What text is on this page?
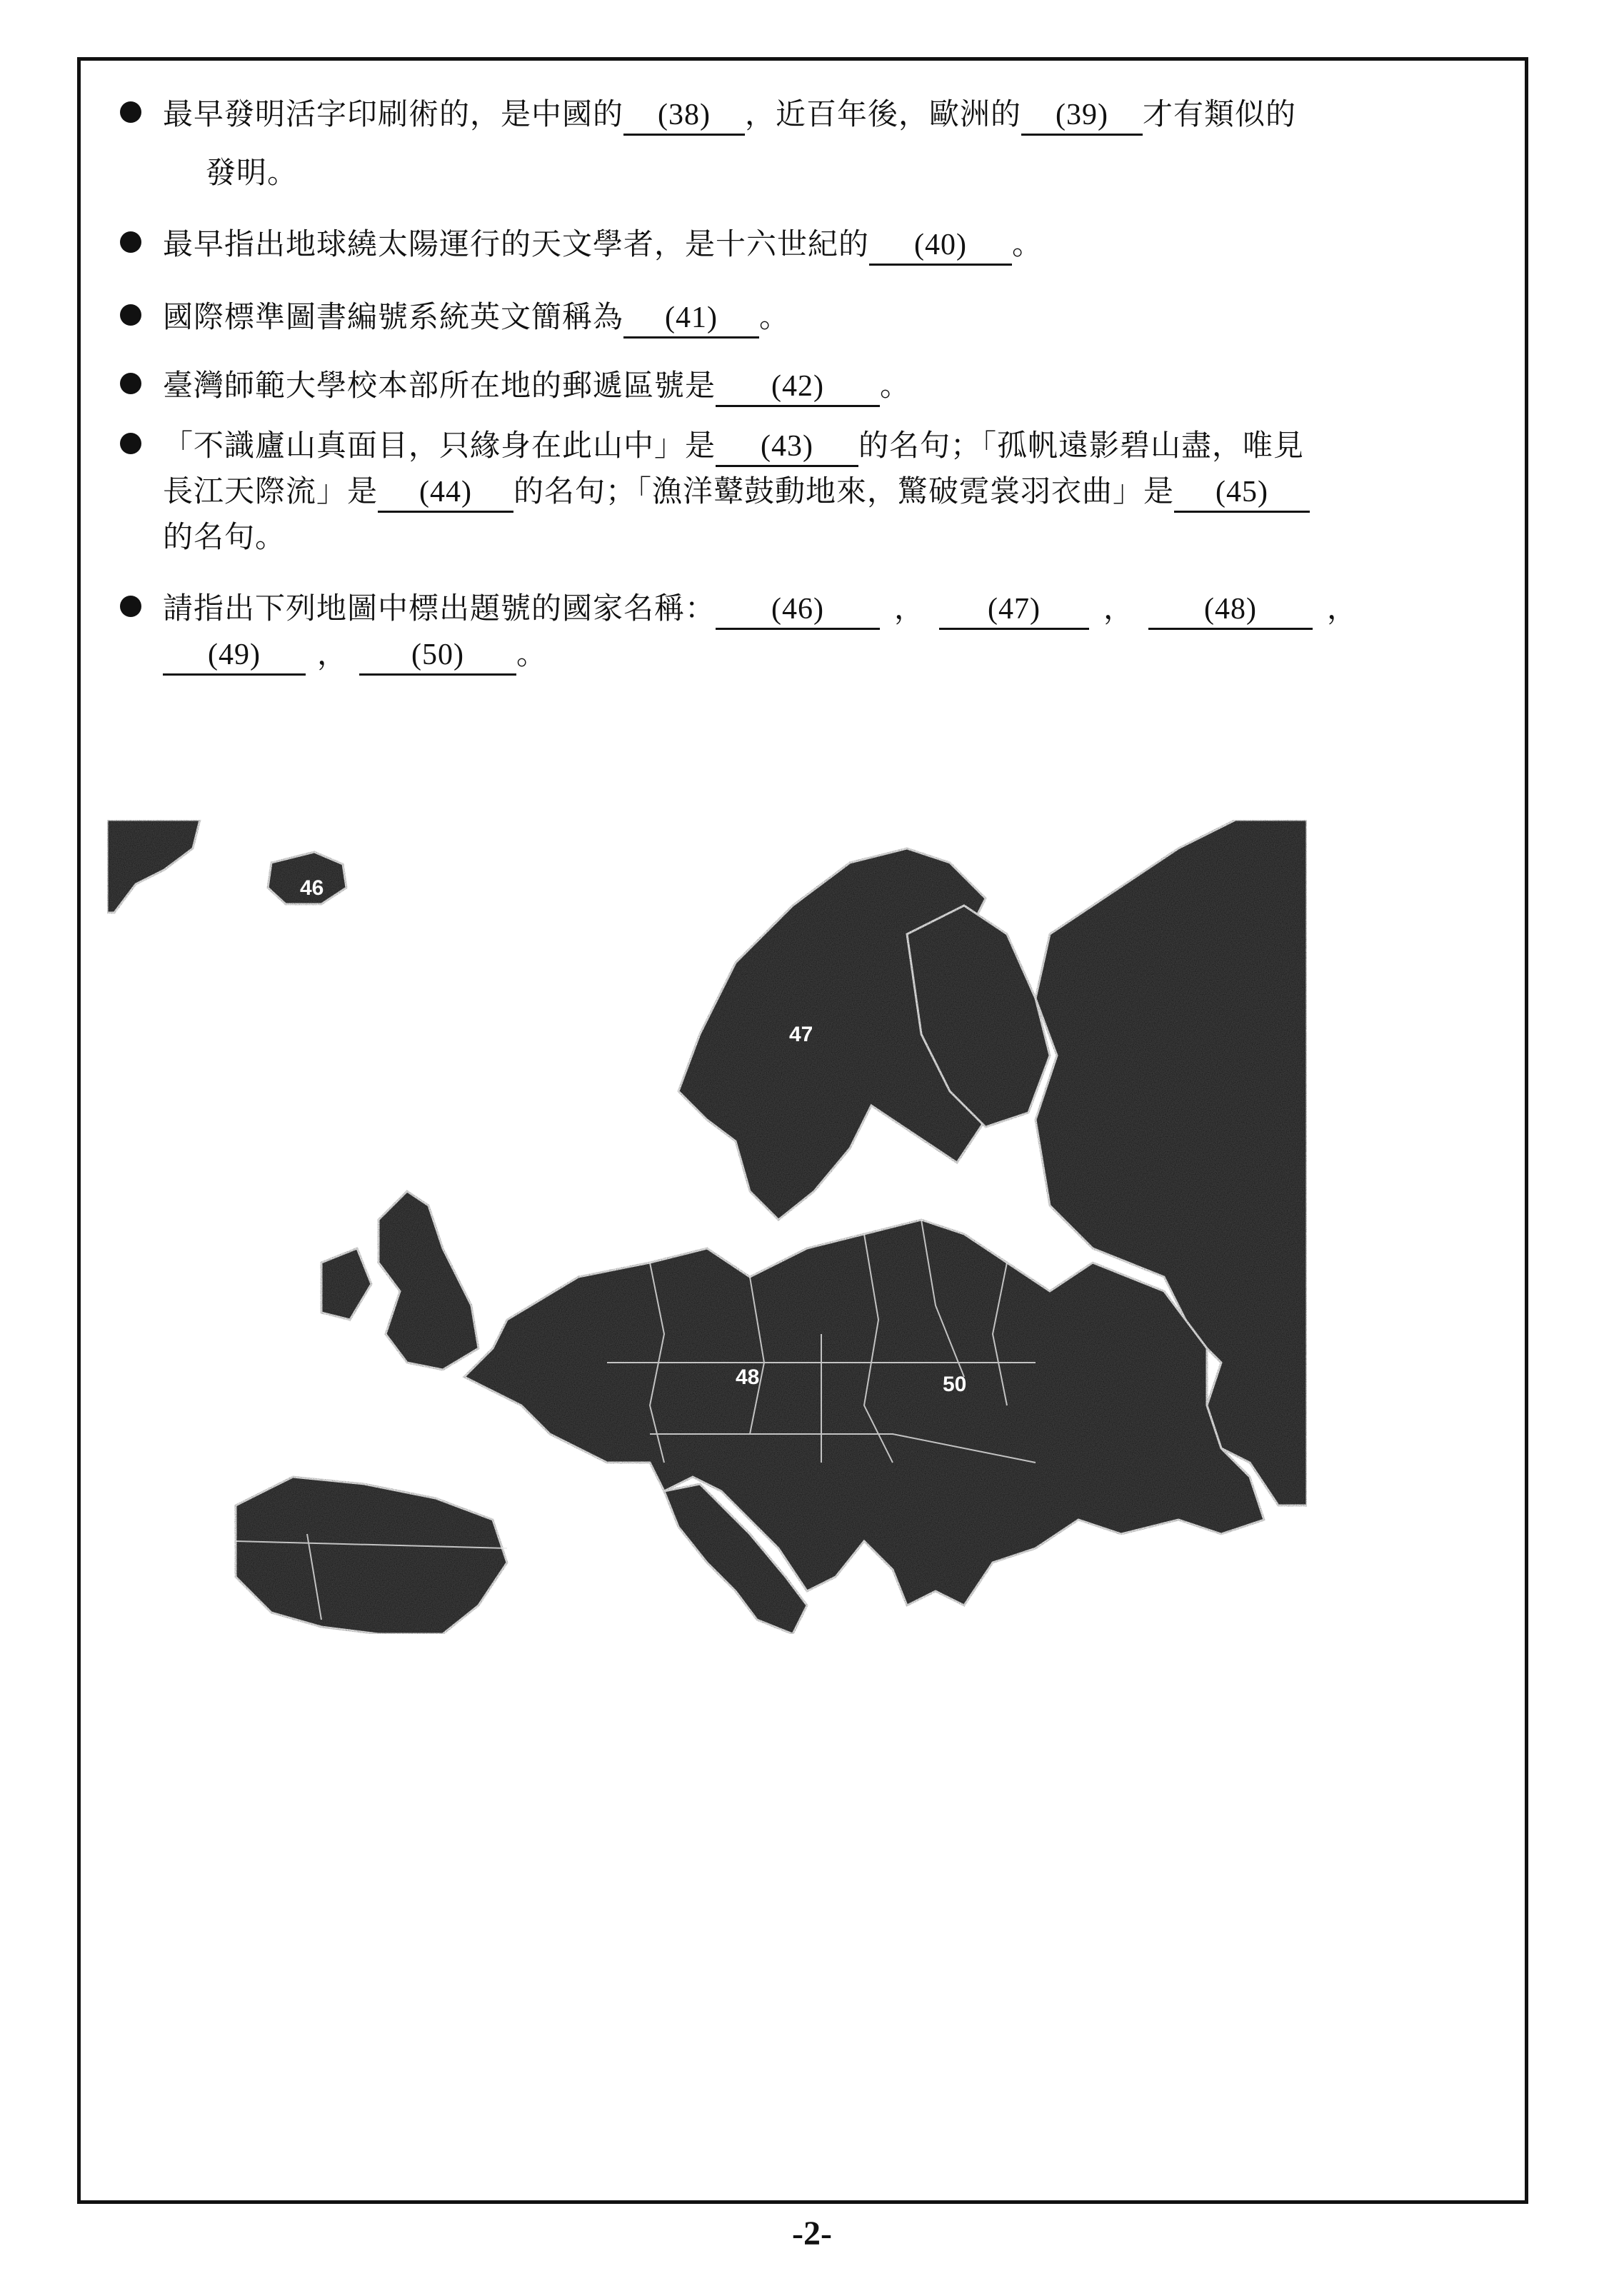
最早發明活字印刷術的，是中國的 (38) ，近百年後，歐洲的 (39) 才有類似的
發明。
最早指出地球繞太陽運行的天文學者，是十六世紀的 (40) 。
國際標準圖書編號系統英文簡稱為 (41) 。
臺灣師範大學校本部所在地的郵遞區號是 (42) 。
「不識廬山真面目，只緣身在此山中」是 (43) 的名句；「孤帆遠影碧山盡，唯見
長江天際流」是 (44) 的名句；「漁洋鼙鼓動地來，驚破霓裳羽衣曲」是 (45)
的名句。
請指出下列地圖中標出題號的國家名稱： (46) ， (47) ， (48) ，
(49) ， (50) 。
46
47
48
49
50
-2-
